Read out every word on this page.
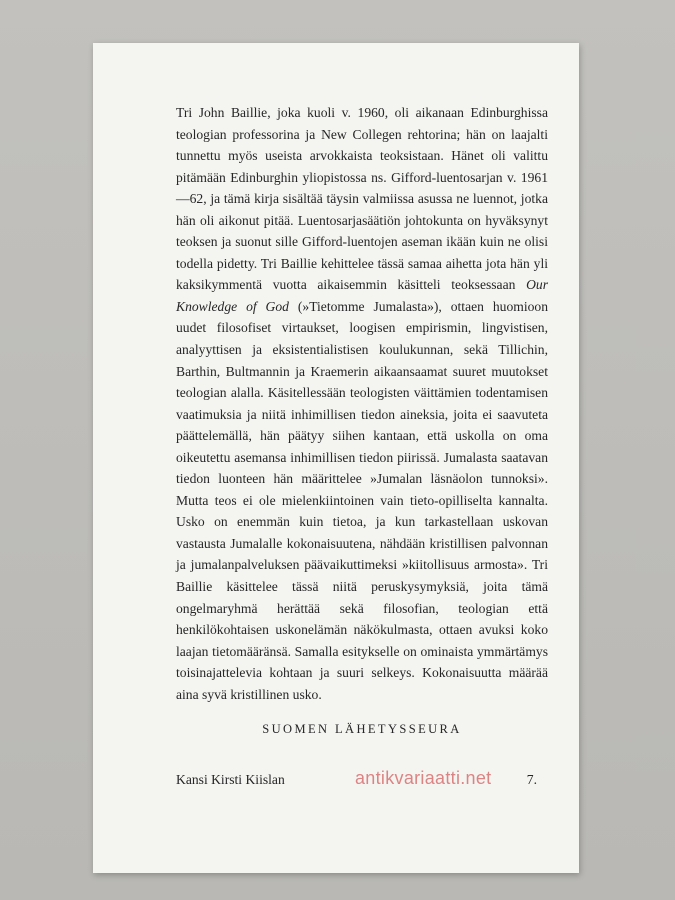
Tri John Baillie, joka kuoli v. 1960, oli aikanaan Edinburghissa teologian professorina ja New Collegen rehtorina; hän on laajalti tunnettu myös useista arvokkaista teoksistaan. Hänet oli valittu pitämään Edinburghin yliopistossa ns. Gifford-luentosarjan v. 1961—62, ja tämä kirja sisältää täysin valmiissa asussa ne luennot, jotka hän oli aikonut pitää. Luentosarjasäätiön johtokunta on hyväksynyt teoksen ja suonut sille Gifford-luentojen aseman ikään kuin ne olisi todella pidetty. Tri Baillie kehittelee tässä samaa aihetta jota hän yli kaksikymmentä vuotta aikaisemmin käsitteli teoksessaan Our Knowledge of God (»Tietomme Jumalasta»), ottaen huomioon uudet filosofiset virtaukset, loogisen empirismin, lingvistisen, analyyttisen ja eksistentialistisen koulukunnan, sekä Tillichin, Barthin, Bultmannin ja Kraemerin aikaansaamat suuret muutokset teologian alalla. Käsitellessään teologisten väittämien todentamisen vaatimuksia ja niitä inhimillisen tiedon aineksia, joita ei saavuteta päättelemällä, hän päätyy siihen kantaan, että uskolla on oma oikeutettu asemansa inhimillisen tiedon piirissä. Jumalasta saatavan tiedon luonteen hän määrittelee »Jumalan läsnäolon tunnoksi». Mutta teos ei ole mielenkiintoinen vain tieto-opilliselta kannalta. Usko on enemmän kuin tietoa, ja kun tarkastellaan uskovan vastausta Jumalalle kokonaisuutena, nähdään kristillisen palvonnan ja jumalanpalveluksen päävaikuttimeksi »kiitollisuus armosta». Tri Baillie käsittelee tässä niitä peruskysymyksiä, joita tämä ongelmaryhmä herättää sekä filosofian, teologian että henkilökohtaisen uskonelämän näkökulmasta, ottaen avuksi koko laajan tietomääränsä. Samalla esitykselle on ominaista ymmärtämys toisinajattelevia kohtaan ja suuri selkeys. Kokonaisuutta määrää aina syvä kristillinen usko.

SUOMEN LÄHETYSSEURA
Kansi Kirsti Kiislan	7.
antikvariaatti.net
